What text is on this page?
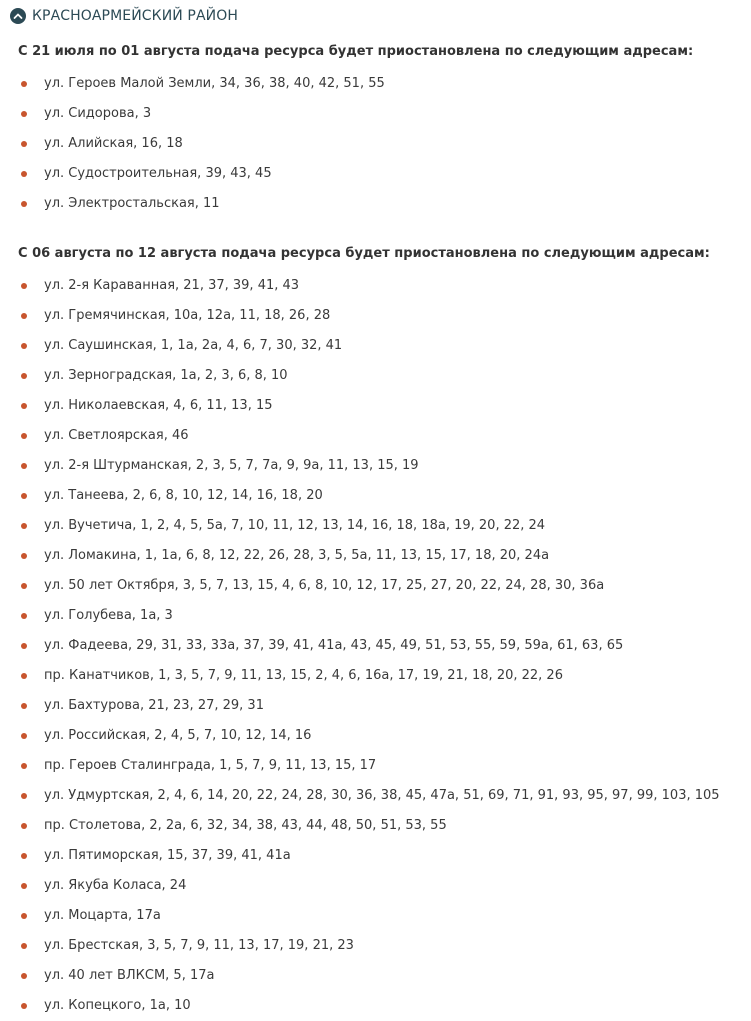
КРАСНОАРМЕЙСКИЙ РАЙОН
С 21 июля по 01 августа подача ресурса будет приостановлена по следующим адресам:
ул. Героев Малой Земли, 34, 36, 38, 40, 42, 51, 55
ул. Сидорова, 3
ул. Алийская, 16, 18
ул. Судостроительная, 39, 43, 45
ул. Электростальская, 11
С 06 августа по 12 августа подача ресурса будет приостановлена по следующим адресам:
ул. 2-я Караванная, 21, 37, 39, 41, 43
ул. Гремячинская, 10а, 12а, 11, 18, 26, 28
ул. Саушинская, 1, 1а, 2а, 4, 6, 7, 30, 32, 41
ул. Зерноградская, 1а, 2, 3, 6, 8, 10
ул. Николаевская, 4, 6, 11, 13, 15
ул. Светлоярская, 46
ул. 2-я Штурманская, 2, 3, 5, 7, 7а, 9, 9а, 11, 13, 15, 19
ул. Танеева, 2, 6, 8, 10, 12, 14, 16, 18, 20
ул. Вучетича, 1, 2, 4, 5, 5а, 7, 10, 11, 12, 13, 14, 16, 18, 18а, 19, 20, 22, 24
ул. Ломакина, 1, 1а, 6, 8, 12, 22, 26, 28, 3, 5, 5а, 11, 13, 15, 17, 18, 20, 24а
ул. 50 лет Октября, 3, 5, 7, 13, 15, 4, 6, 8, 10, 12, 17, 25, 27, 20, 22, 24, 28, 30, 36а
ул. Голубева, 1а, 3
ул. Фадеева, 29, 31, 33, 33а, 37, 39, 41, 41а, 43, 45, 49, 51, 53, 55, 59, 59а, 61, 63, 65
пр. Канатчиков, 1, 3, 5, 7, 9, 11, 13, 15, 2, 4, 6, 16а, 17, 19, 21, 18, 20, 22, 26
ул. Бахтурова, 21, 23, 27, 29, 31
ул. Российская, 2, 4, 5, 7, 10, 12, 14, 16
пр. Героев Сталинграда, 1, 5, 7, 9, 11, 13, 15, 17
ул. Удмуртская, 2, 4, 6, 14, 20, 22, 24, 28, 30, 36, 38, 45, 47а, 51, 69, 71, 91, 93, 95, 97, 99, 103, 105
пр. Столетова, 2, 2а, 6, 32, 34, 38, 43, 44, 48, 50, 51, 53, 55
ул. Пятиморская, 15, 37, 39, 41, 41а
ул. Якуба Коласа, 24
ул. Моцарта, 17а
ул. Брестская, 3, 5, 7, 9, 11, 13, 17, 19, 21, 23
ул. 40 лет ВЛКСМ, 5, 17а
ул. Копецкого, 1а, 10
